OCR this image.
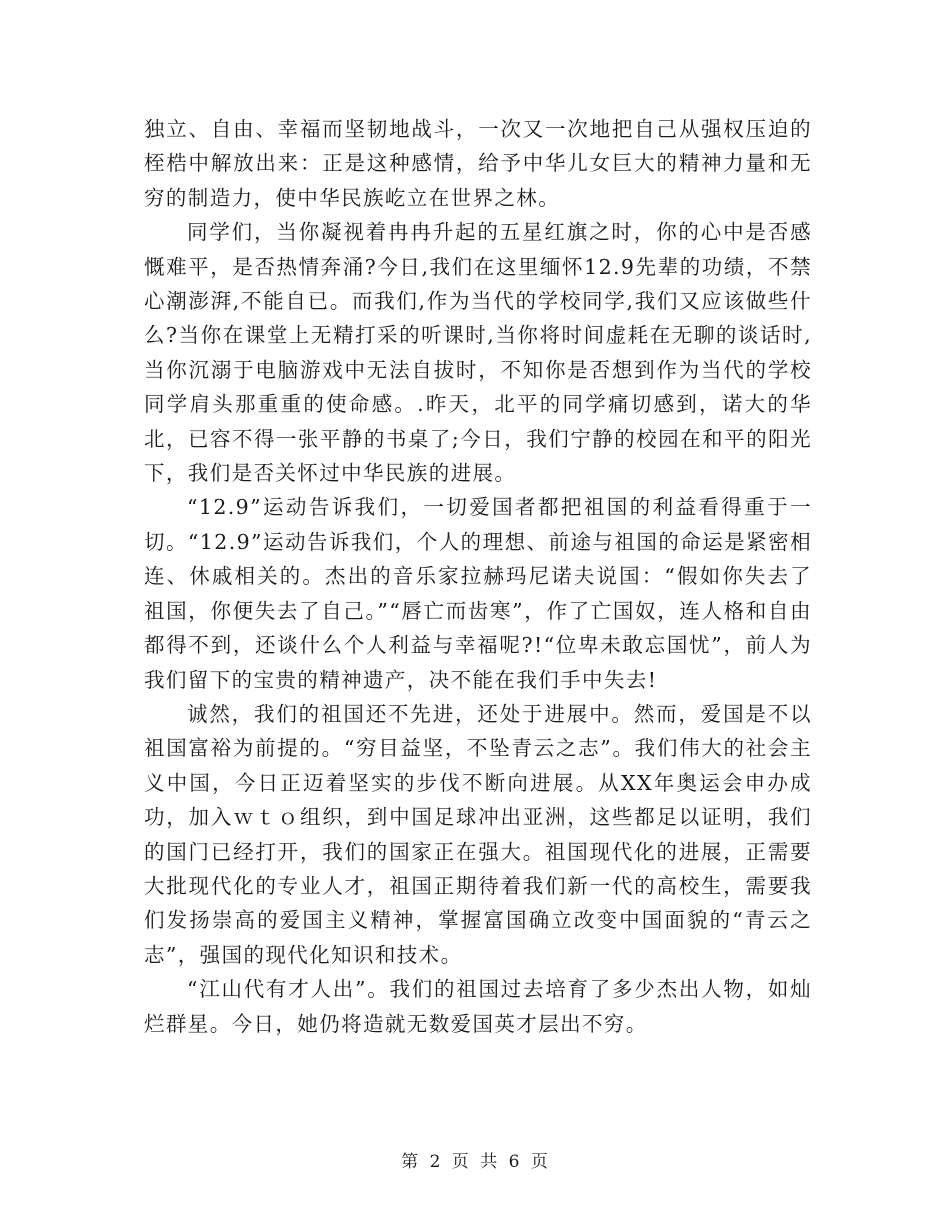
独立、自由、幸福而坚韧地战斗，一次又一次地把自己从强权压迫的桎梏中解放出来：正是这种感情，给予中华儿女巨大的精神力量和无穷的制造力，使中华民族屹立在世界之林。

同学们，当你凝视着冉冉升起的五星红旗之时，你的心中是否感慨难平，是否热情奔涌?今日,我们在这里缅怀12.9先辈的功绩，不禁心潮澎湃,不能自已。而我们,作为当代的学校同学,我们又应该做些什么?当你在课堂上无精打采的听课时,当你将时间虚耗在无聊的谈话时,当你沉溺于电脑游戏中无法自拔时，不知你是否想到作为当代的学校同学肩头那重重的使命感。.昨天，北平的同学痛切感到，诺大的华北，已容不得一张平静的书桌了;今日，我们宁静的校园在和平的阳光下，我们是否关怀过中华民族的进展。

“12.9”运动告诉我们，一切爱国者都把祖国的利益看得重于一切。“12.9”运动告诉我们，个人的理想、前途与祖国的命运是紧密相连、休戚相关的。杰出的音乐家拉赫玛尼诺夫说国：“假如你失去了祖国，你便失去了自己。”“唇亡而齿寒”，作了亡国奴，连人格和自由都得不到，还谈什么个人利益与幸福呢?!“位卑未敢忘国忧”，前人为我们留下的宝贵的精神遗产，决不能在我们手中失去!

诚然，我们的祖国还不先进，还处于进展中。然而，爱国是不以祖国富裕为前提的。“穷目益坚，不坠青云之志”。我们伟大的社会主义中国，今日正迈着坚实的步伐不断向进展。从XX年奥运会申办成功，加入ｗｔｏ组织，到中国足球冲出亚洲，这些都足以证明，我们的国门已经打开，我们的国家正在强大。祖国现代化的进展，正需要大批现代化的专业人才，祖国正期待着我们新一代的高校生，需要我们发扬崇高的爱国主义精神，掌握富国确立改变中国面貌的“青云之志”，强国的现代化知识和技术。

“江山代有才人出”。我们的祖国过去培育了多少杰出人物，如灿烂群星。今日，她仍将造就无数爱国英才层出不穷。

第 2 页 共 6 页
